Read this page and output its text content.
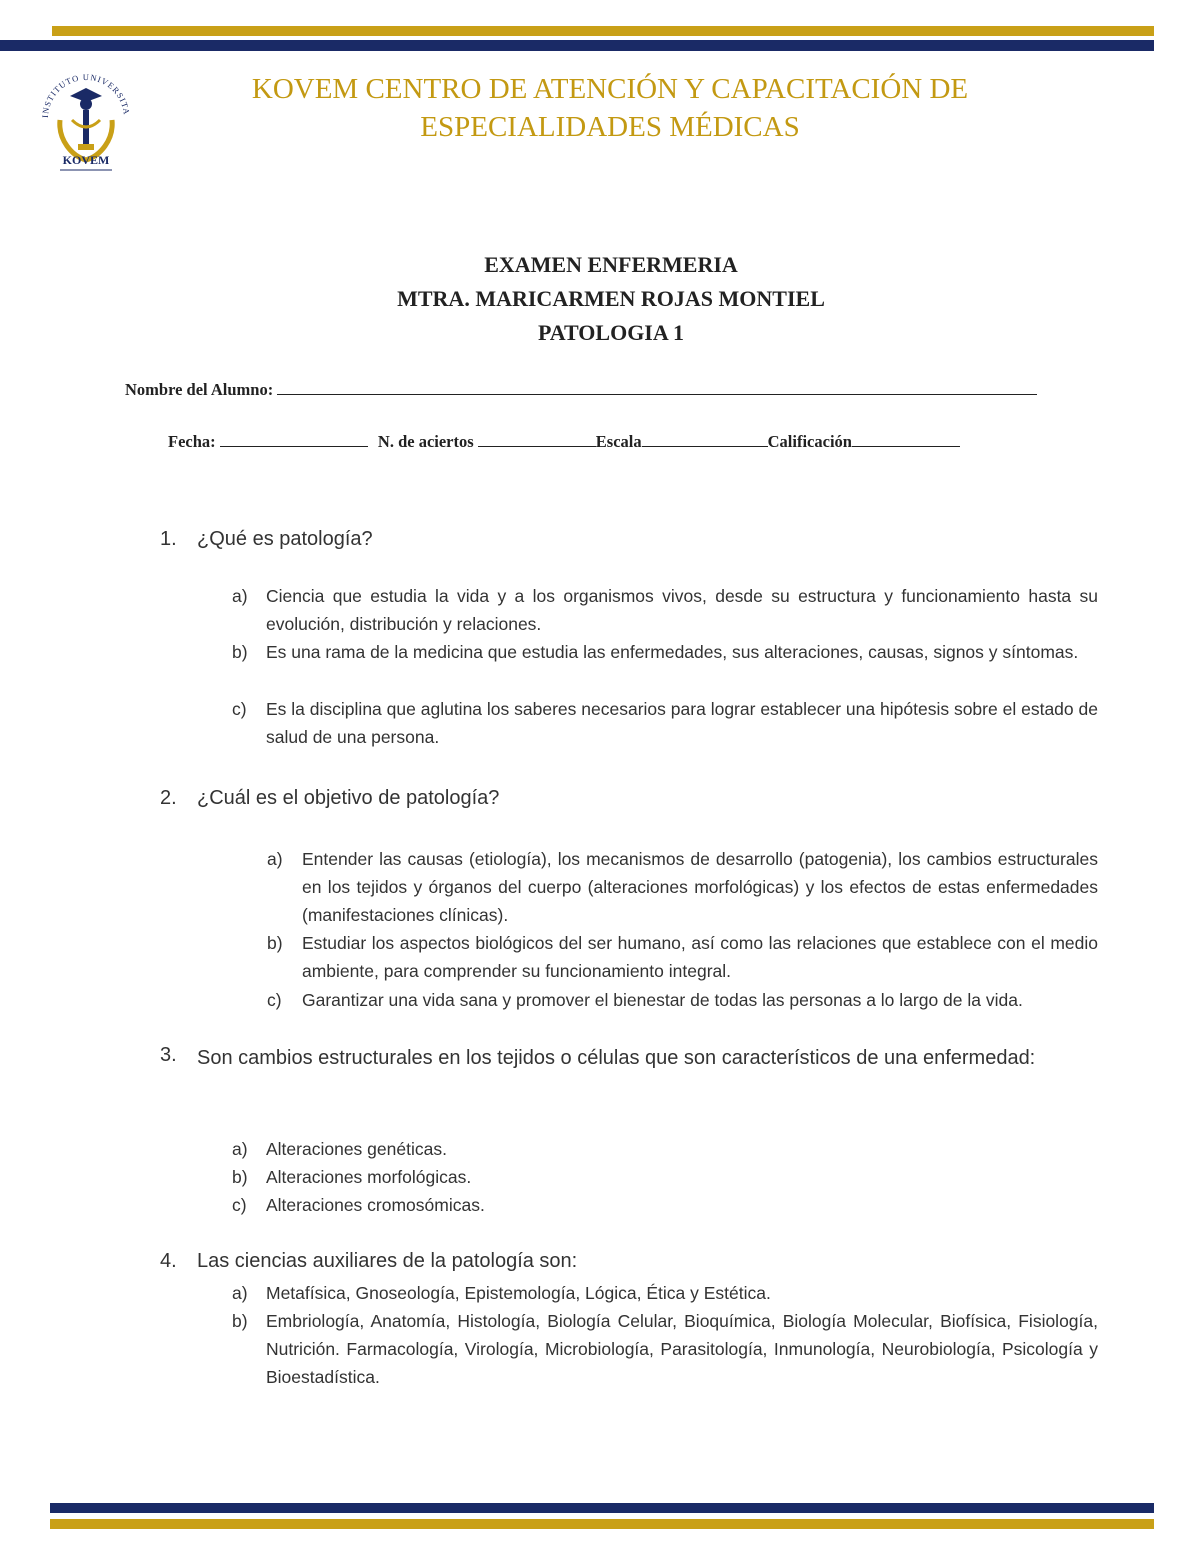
INSTITUTO UNIVERSITA
KOVEM
KOVEM CENTRO DE ATENCIÓN Y CAPACITACIÓN DE
ESPECIALIDADES MÉDICAS
EXAMEN ENFERMERIA
MTRA. MARICARMEN ROJAS MONTIEL
PATOLOGIA 1
Nombre del Alumno:
Fecha:	N. de aciertos	Escala	Calificación
1. ¿Qué es patología?
a) Ciencia que estudia la vida y a los organismos vivos, desde su estructura y funcionamiento hasta su evolución, distribución y relaciones.
b) Es una rama de la medicina que estudia las enfermedades, sus alteraciones, causas, signos y síntomas.
c) Es la disciplina que aglutina los saberes necesarios para lograr establecer una hipótesis sobre el estado de salud de una persona.
2. ¿Cuál es el objetivo de patología?
a) Entender las causas (etiología), los mecanismos de desarrollo (patogenia), los cambios estructurales en los tejidos y órganos del cuerpo (alteraciones morfológicas) y los efectos de estas enfermedades (manifestaciones clínicas).
b) Estudiar los aspectos biológicos del ser humano, así como las relaciones que establece con el medio ambiente, para comprender su funcionamiento integral.
c) Garantizar una vida sana y promover el bienestar de todas las personas a lo largo de la vida.
3.	Son cambios estructurales en los tejidos o células que son característicos de una enfermedad:
a) Alteraciones genéticas.
b) Alteraciones morfológicas.
c) Alteraciones cromosómicas.
4. Las ciencias auxiliares de la patología son:
a) Metafísica, Gnoseología, Epistemología, Lógica, Ética y Estética.
b) Embriología, Anatomía, Histología, Biología Celular, Bioquímica, Biología Molecular, Biofísica, Fisiología, Nutrición. Farmacología, Virología, Microbiología, Parasitología, Inmunología, Neurobiología, Psicología y Bioestadística.
